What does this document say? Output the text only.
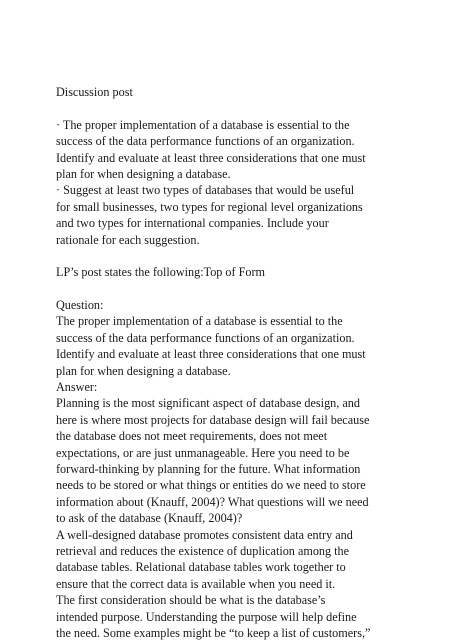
Discussion post
· The proper implementation of a database is essential to the
success of the data performance functions of an organization.
Identify and evaluate at least three considerations that one must
plan for when designing a database.
· Suggest at least two types of databases that would be useful
for small businesses, two types for regional level organizations
and two types for international companies. Include your
rationale for each suggestion.
LP’s post states the following:Top of Form
Question:
The proper implementation of a database is essential to the
success of the data performance functions of an organization.
Identify and evaluate at least three considerations that one must
plan for when designing a database.
Answer:
Planning is the most significant aspect of database design, and
here is where most projects for database design will fail because
the database does not meet requirements, does not meet
expectations, or are just unmanageable. Here you need to be
forward-thinking by planning for the future. What information
needs to be stored or what things or entities do we need to store
information about (Knauff, 2004)? What questions will we need
to ask of the database (Knauff, 2004)?
A well-designed database promotes consistent data entry and
retrieval and reduces the existence of duplication among the
database tables. Relational database tables work together to
ensure that the correct data is available when you need it.
The first consideration should be what is the database’s
intended purpose. Understanding the purpose will help define
the need. Some examples might be “to keep a list of customers,”
